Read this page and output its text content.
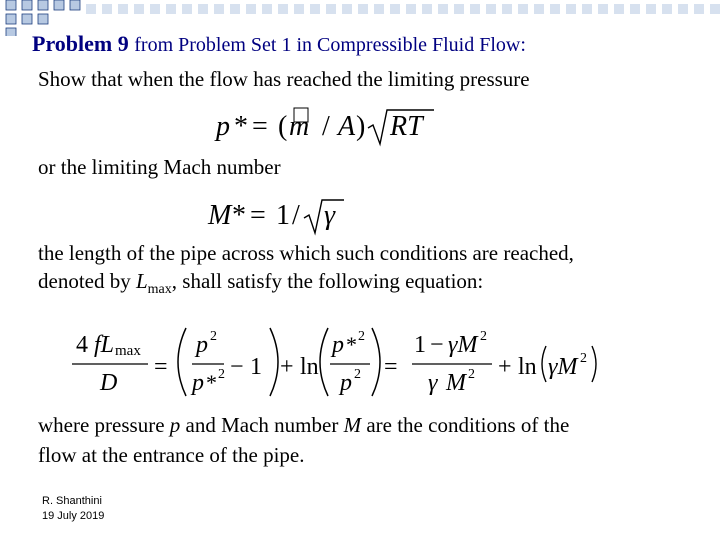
Problem 9 from Problem Set 1 in Compressible Fluid Flow:
Show that when the flow has reached the limiting pressure
p * = ( m / A ) RT
or the limiting Mach number
M * = 1 / γ
the length of the pipe across which such conditions are reached,
denoted by $L_{max}$, shall satisfy the following equation:
4 fL max
D
=
p 2
p * 2 − 1 + ln
p * 2
p 2 =
1 − γM 2
γ M 2 + ln γM 2
where pressure p and Mach number M are the conditions of the
flow at the entrance of the pipe.
R. Shanthini
19 July 2019
